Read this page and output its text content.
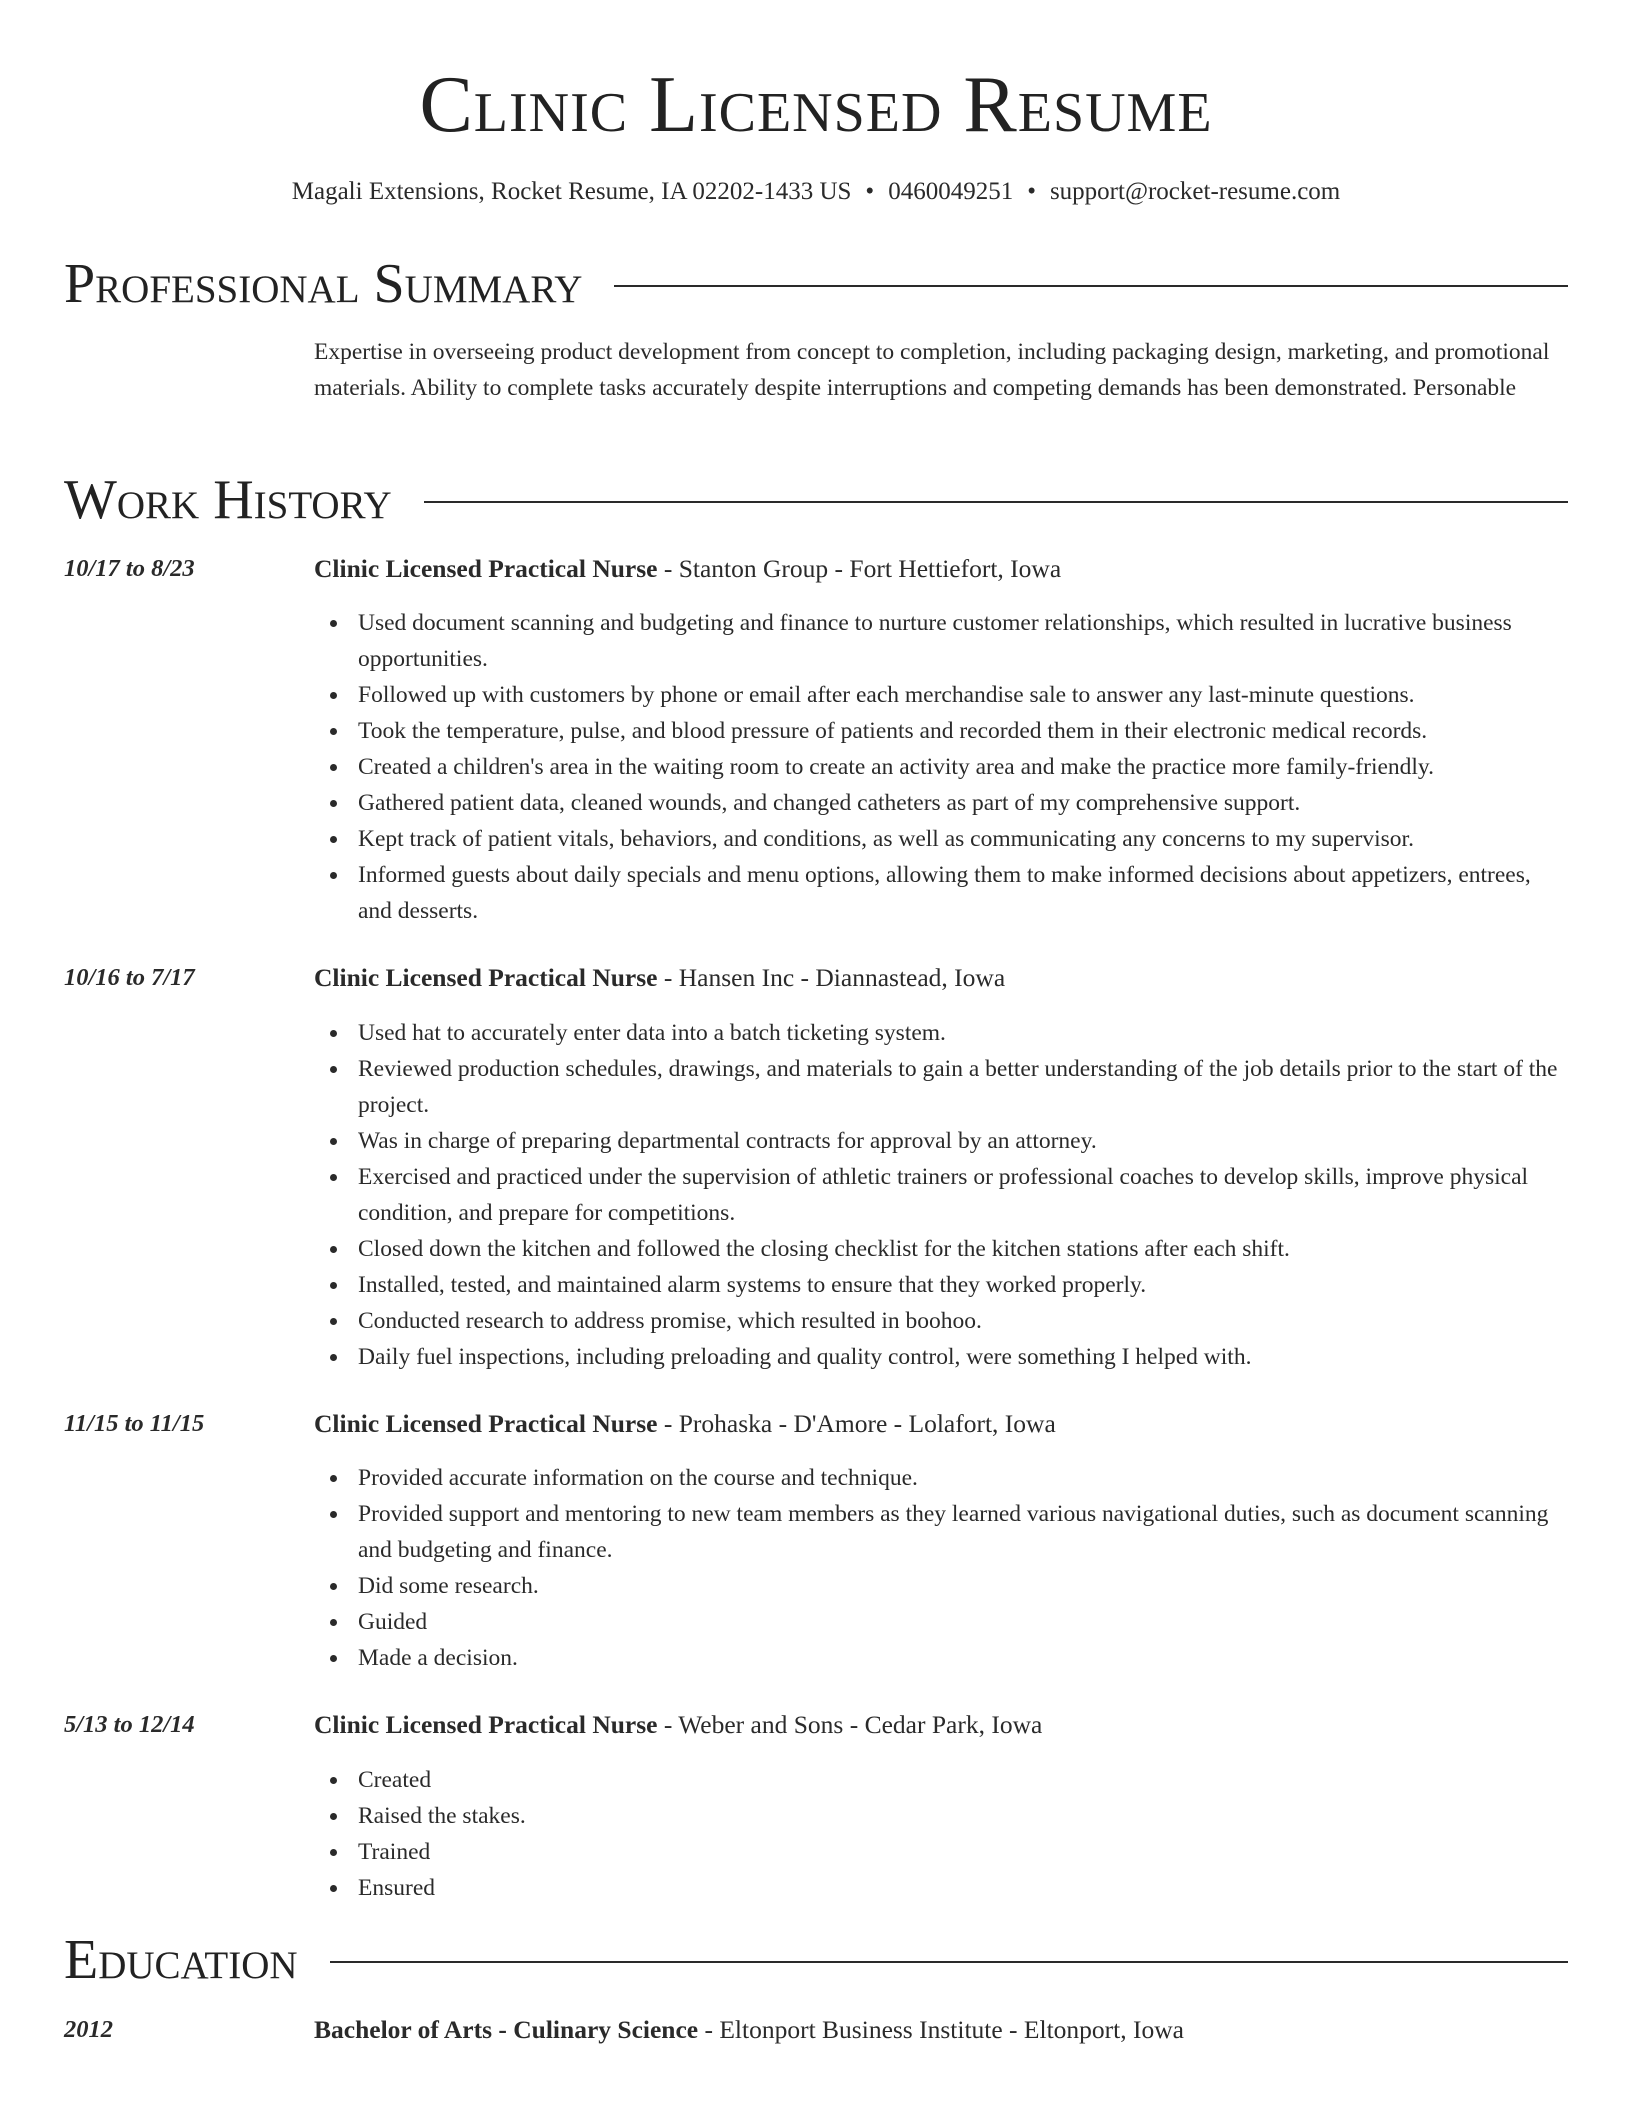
Clinic Licensed Resume
Magali Extensions, Rocket Resume, IA 02202-1433 US • 0460049251 • support@rocket-resume.com
Professional Summary
Expertise in overseeing product development from concept to completion, including packaging design, marketing, and promotional materials. Ability to complete tasks accurately despite interruptions and competing demands has been demonstrated. Personable
Work History
10/17 to 8/23	Clinic Licensed Practical Nurse - Stanton Group - Fort Hettiefort, Iowa
Used document scanning and budgeting and finance to nurture customer relationships, which resulted in lucrative business opportunities.
Followed up with customers by phone or email after each merchandise sale to answer any last-minute questions.
Took the temperature, pulse, and blood pressure of patients and recorded them in their electronic medical records.
Created a children's area in the waiting room to create an activity area and make the practice more family-friendly.
Gathered patient data, cleaned wounds, and changed catheters as part of my comprehensive support.
Kept track of patient vitals, behaviors, and conditions, as well as communicating any concerns to my supervisor.
Informed guests about daily specials and menu options, allowing them to make informed decisions about appetizers, entrees, and desserts.
10/16 to 7/17	Clinic Licensed Practical Nurse - Hansen Inc - Diannastead, Iowa
Used hat to accurately enter data into a batch ticketing system.
Reviewed production schedules, drawings, and materials to gain a better understanding of the job details prior to the start of the project.
Was in charge of preparing departmental contracts for approval by an attorney.
Exercised and practiced under the supervision of athletic trainers or professional coaches to develop skills, improve physical condition, and prepare for competitions.
Closed down the kitchen and followed the closing checklist for the kitchen stations after each shift.
Installed, tested, and maintained alarm systems to ensure that they worked properly.
Conducted research to address promise, which resulted in boohoo.
Daily fuel inspections, including preloading and quality control, were something I helped with.
11/15 to 11/15	Clinic Licensed Practical Nurse - Prohaska - D'Amore - Lolafort, Iowa
Provided accurate information on the course and technique.
Provided support and mentoring to new team members as they learned various navigational duties, such as document scanning and budgeting and finance.
Did some research.
Guided
Made a decision.
5/13 to 12/14	Clinic Licensed Practical Nurse - Weber and Sons - Cedar Park, Iowa
Created
Raised the stakes.
Trained
Ensured
Education
2012	Bachelor of Arts - Culinary Science - Eltonport Business Institute - Eltonport, Iowa
